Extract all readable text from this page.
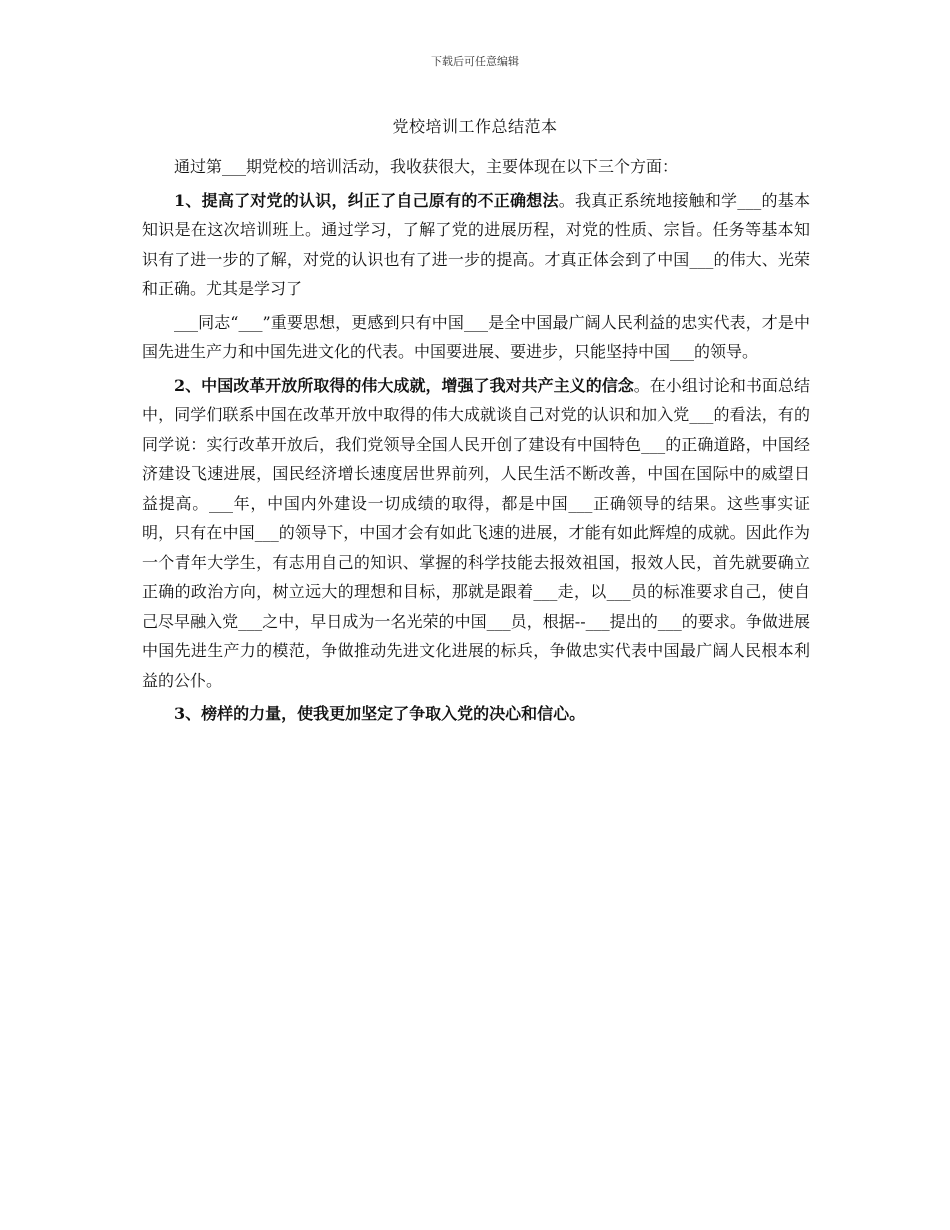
下载后可任意编辑
党校培训工作总结范本

通过第___期党校的培训活动，我收获很大，主要体现在以下三个方面：

1、提高了对党的认识，纠正了自己原有的不正确想法。我真正系统地接触和学___的基本知识是在这次培训班上。通过学习，了解了党的进展历程，对党的性质、宗旨。任务等基本知识有了进一步的了解，对党的认识也有了进一步的提高。才真正体会到了中国___的伟大、光荣和正确。尤其是学习了

___同志“___”重要思想，更感到只有中国___是全中国最广阔人民利益的忠实代表，才是中国先进生产力和中国先进文化的代表。中国要进展、要进步，只能坚持中国___的领导。

2、中国改革开放所取得的伟大成就，增强了我对共产主义的信念。在小组讨论和书面总结中，同学们联系中国在改革开放中取得的伟大成就谈自己对党的认识和加入党___的看法，有的同学说：实行改革开放后，我们党领导全国人民开创了建设有中国特色___的正确道路，中国经济建设飞速进展，国民经济增长速度居世界前列，人民生活不断改善，中国在国际中的威望日益提高。___年，中国内外建设一切成绩的取得，都是中国___正确领导的结果。这些事实证明，只有在中国___的领导下，中国才会有如此飞速的进展，才能有如此辉煌的成就。因此作为一个青年大学生，有志用自己的知识、掌握的科学技能去报效祖国，报效人民，首先就要确立正确的政治方向，树立远大的理想和目标，那就是跟着___走，以___员的标准要求自己，使自己尽早融入党___之中，早日成为一名光荣的中国___员，根据--___提出的___的要求。争做进展中国先进生产力的模范，争做推动先进文化进展的标兵，争做忠实代表中国最广阔人民根本利益的公仆。

3、榜样的力量，使我更加坚定了争取入党的决心和信心。
